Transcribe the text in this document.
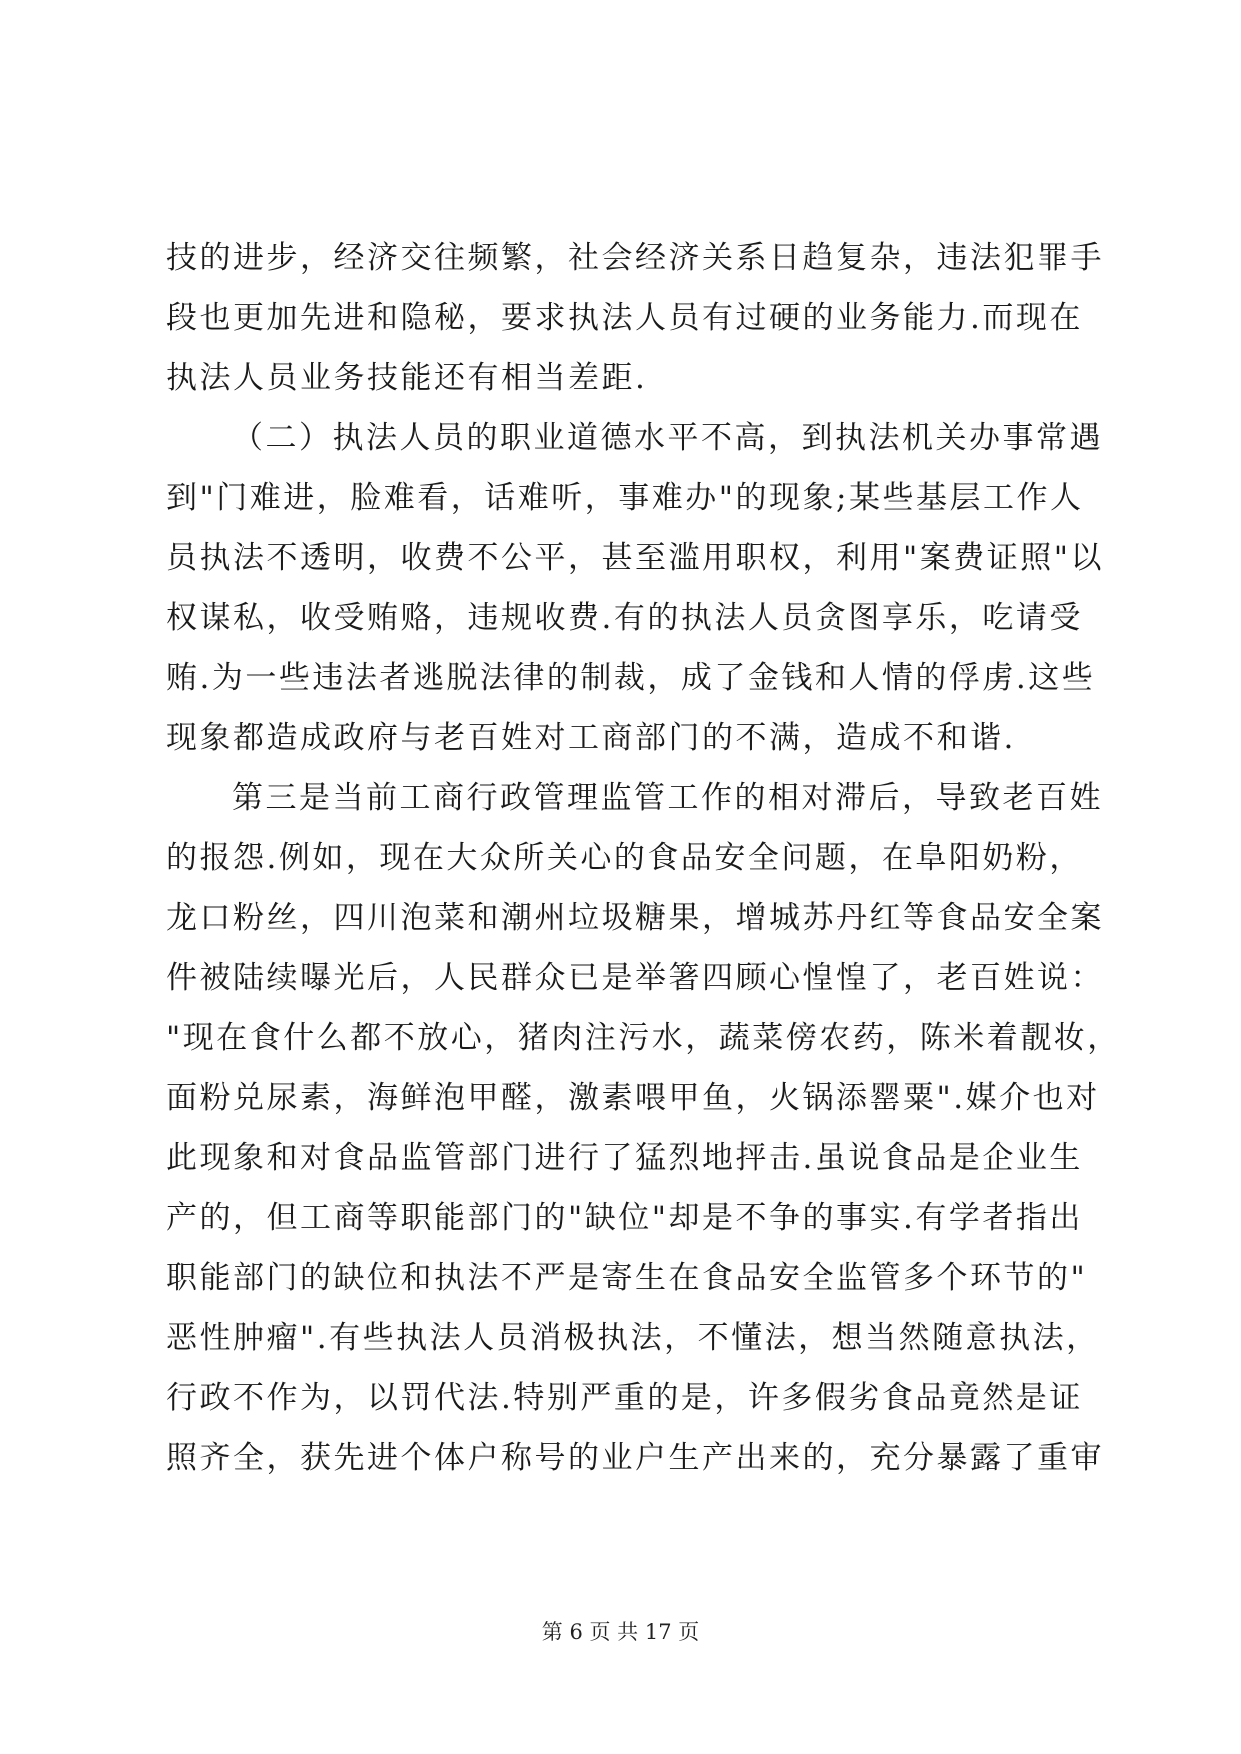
技的进步，经济交往频繁，社会经济关系日趋复杂，违法犯罪手
段也更加先进和隐秘，要求执法人员有过硬的业务能力.而现在
执法人员业务技能还有相当差距.
（二）执法人员的职业道德水平不高，到执法机关办事常遇
到"门难进，脸难看，话难听，事难办"的现象;某些基层工作人
员执法不透明，收费不公平，甚至滥用职权，利用"案费证照"以
权谋私，收受贿赂，违规收费.有的执法人员贪图享乐，吃请受
贿.为一些违法者逃脱法律的制裁，成了金钱和人情的俘虏.这些
现象都造成政府与老百姓对工商部门的不满，造成不和谐.
第三是当前工商行政管理监管工作的相对滞后，导致老百姓
的报怨.例如，现在大众所关心的食品安全问题，在阜阳奶粉，
龙口粉丝，四川泡菜和潮州垃圾糖果，增城苏丹红等食品安全案
件被陆续曝光后，人民群众已是举箸四顾心惶惶了，老百姓说：
"现在食什么都不放心，猪肉注污水，蔬菜傍农药，陈米着靓妆，
面粉兑尿素，海鲜泡甲醛，激素喂甲鱼，火锅添罂粟".媒介也对
此现象和对食品监管部门进行了猛烈地抨击.虽说食品是企业生
产的，但工商等职能部门的"缺位"却是不争的事实.有学者指出
职能部门的缺位和执法不严是寄生在食品安全监管多个环节的"
恶性肿瘤".有些执法人员消极执法，不懂法，想当然随意执法，
行政不作为，以罚代法.特别严重的是，许多假劣食品竟然是证
照齐全，获先进个体户称号的业户生产出来的，充分暴露了重审
第 6 页 共 17 页
